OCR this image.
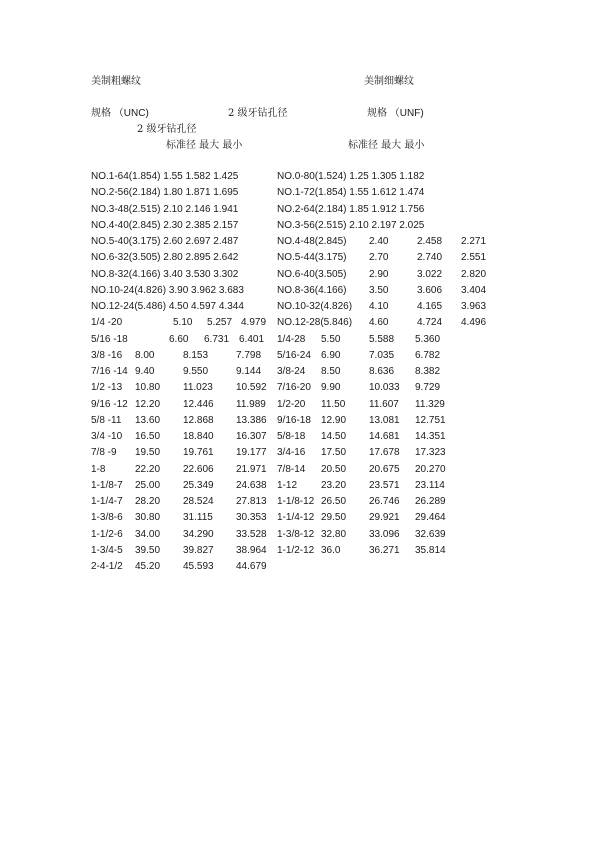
美制粗螺纹	美制细螺纹
规格 （UNC)	2 级牙钻孔径	规格 （UNF)
2 级牙钻孔径
标准径 最大 最小	标准径 最大 最小
NO.1-64(1.854) 1.55 1.582 1.425
NO.2-56(2.184) 1.80 1.871 1.695
NO.3-48(2.515) 2.10 2.146 1.941
NO.4-40(2.845) 2.30 2.385 2.157
NO.5-40(3.175) 2.60 2.697 2.487
NO.6-32(3.505) 2.80 2.895 2.642
NO.8-32(4.166) 3.40 3.530 3.302
NO.10-24(4.826) 3.90 3.962 3.683
NO.12-24(5.486) 4.50 4.597 4.344
1/4 -20	5.10 5.257 4.979
5/16 -18	6.60 6.731 6.401
3/8 -16 8.00	8.153	7.798
7/16 -14 9.40	9.550	9.144
1/2 -13 10.80 11.023 10.592
9/16 -12 12.20 12.446 11.989
5/8 -11 13.60 12.868 13.386
3/4 -10 16.50 18.840 16.307
7/8 -9 19.50 19.761 19.177
1-8	22.20 22.606 21.971
1-1/8-7 25.00 25.349 24.638
1-1/4-7 28.20 28.524 27.813
1-3/8-6 30.80 31.115 30.353
1-1/2-6 34.00 34.290 33.528
1-3/4-5 39.50 39.827 38.964
2-4-1/2 45.20 45.593 44.679
NO.0-80(1.524) 1.25 1.305 1.182
NO.1-72(1.854) 1.55 1.612 1.474
NO.2-64(2.184) 1.85 1.912 1.756
NO.3-56(2.515) 2.10 2.197 2.025
NO.4-48(2.845) 2.40	2.458 2.271
NO.5-44(3.175) 2.70	2.740 2.551
NO.6-40(3.505) 2.90	3.022 2.820
NO.8-36(4.166) 3.50	3.606 3.404
NO.10-32(4.826) 4.10	4.165 3.963
NO.12-28(5.846) 4.60	4.724 4.496
1/4-28 5.50	5.588 5.360
5/16-24 6.90	7.035 6.782
3/8-24 8.50	8.636 8.382
7/16-20 9.90	10.033 9.729
1/2-20 11.50 11.607 11.329
9/16-18 12.90 13.081 12.751
5/8-18 14.50 14.681 14.351
3/4-16 17.50 17.678 17.323
7/8-14 20.50 20.675 20.270
1-12 23.20 23.571 23.114
1-1/8-12 26.50 26.746 26.289
1-1/4-12 29.50 29.921 29.464
1-3/8-12 32.80 33.096 32.639
1-1/2-12 36.0	36.271 35.814
